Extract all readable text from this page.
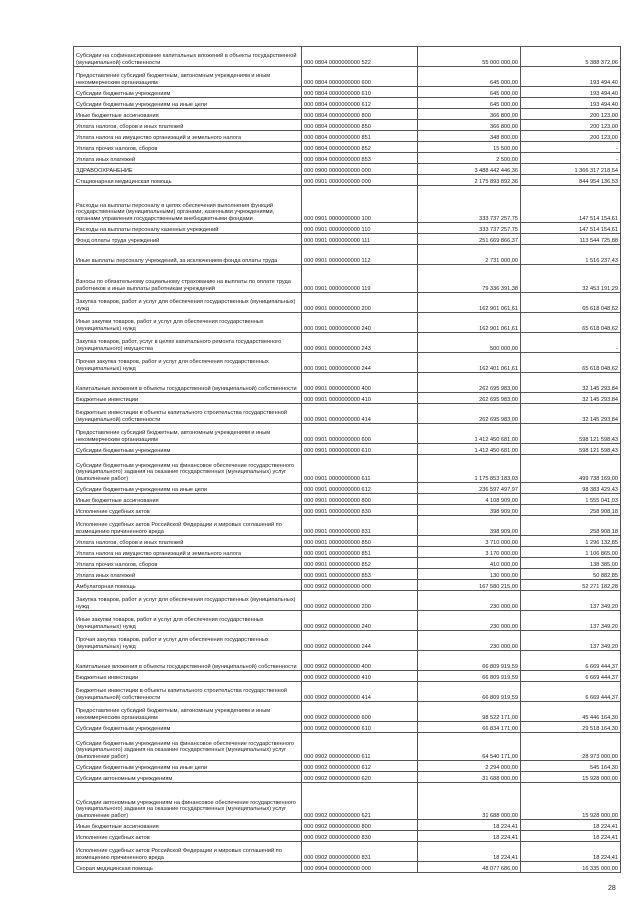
Субсидии на софинансирование капитальных вложений в объекты государственной (муниципальной) собственности	000 0804 0000000000 522	55 000 000,00	5 388 372,06
Предоставление субсидий бюджетным, автономным учреждениям и иным некоммерческим организациям	000 0804 0000000000 600	645 000,00	193 494,40
Субсидии бюджетным учреждениям	000 0804 0000000000 610	645 000,00	193 494,40
Субсидии бюджетным учреждениям на иные цели	000 0804 0000000000 612	645 000,00	193 494,40
Иные бюджетные ассигнования	000 0804 0000000000 800	366 800,00	200 123,00
Уплата налогов, сборов и иных платежей	000 0804 0000000000 850	366 800,00	200 123,00
Уплата налога на имущество организаций и земельного налога	000 0804 0000000000 851	348 800,00	200 123,00
Уплата прочих налогов, сборов	000 0804 0000000000 852	15 500,00	-
Уплата иных платежей	000 0804 0000000000 853	2 500,00	-
ЗДРАВООХРАНЕНИЕ	000 0900 0000000000 000	3 488 442 446,36	1 366 317 218,54
Стационарная медицинская помощь	000 0901 0000000000 000	2 175 893 892,36	844 954 136,53
Расходы на выплаты персоналу в целях обеспечения выполнения функций государственными (муниципальными) органами, казенными учреждениями, органами управления государственными внебюджетными фондами	000 0901 0000000000 100	333 737 257,75	147 514 154,61
Расходы на выплаты персоналу казенных учреждений	000 0901 0000000000 110	333 737 257,75	147 514 154,61
Фонд оплаты труда учреждений	000 0901 0000000000 111	251 669 866,37	113 544 725,88
Иные выплаты персоналу учреждений, за исключением фонда оплаты труда	000 0901 0000000000 112	2 731 000,00	1 516 237,43
Взносы по обязательному социальному страхованию на выплаты по оплате труда работников и иные выплаты работникам учреждений	000 0901 0000000000 119	79 336 391,38	32 453 191,29
Закупка товаров, работ и услуг для обеспечения государственных (муниципальных) нужд	000 0901 0000000000 200	162 901 061,61	65 618 048,62
Иные закупки товаров, работ и услуг для обеспечения государственных (муниципальных) нужд	000 0901 0000000000 240	162 901 061,61	65 618 048,62
Закупка товаров, работ, услуг в целях капитального ремонта государственного (муниципального) имущества	000 0901 0000000000 243	500 000,00	-
Прочая закупка товаров, работ и услуг для обеспечения государственных (муниципальных) нужд	000 0901 0000000000 244	162 401 061,61	65 618 048,62
Капитальные вложения в объекты государственной (муниципальной) собственности	000 0901 0000000000 400	262 695 983,00	32 145 293,84
Бюджетные инвестиции	000 0901 0000000000 410	262 695 983,00	32 145 293,84
Бюджетные инвестиции в объекты капитального строительства государственной (муниципальной) собственности	000 0901 0000000000 414	262 695 983,00	32 145 293,84
Предоставление субсидий бюджетным, автономным учреждениям и иным некоммерческим организациям	000 0901 0000000000 600	1 412 450 681,00	598 121 598,43
Субсидии бюджетным учреждениям	000 0901 0000000000 610	1 412 450 681,00	598 121 598,43
Субсидии бюджетным учреждениям на финансовое обеспечение государственного (муниципального) задания на оказание государственных (муниципальных) услуг (выполнение работ)	000 0901 0000000000 611	1 175 853 183,03	499 738 169,00
Субсидии бюджетным учреждениям на иные цели	000 0901 0000000000 612	236 597 497,97	98 383 429,43
Иные бюджетные ассигнования	000 0901 0000000000 800	4 108 909,00	1 555 041,03
Исполнение судебных актов	000 0901 0000000000 830	398 909,00	258 908,18
Исполнение судебных актов Российской Федерации и мировых соглашений по возмещению причиненного вреда	000 0901 0000000000 831	398 909,00	258 908,18
Уплата налогов, сборов и иных платежей	000 0901 0000000000 850	3 710 000,00	1 296 132,85
Уплата налога на имущество организаций и земельного налога	000 0901 0000000000 851	3 170 000,00	1 106 865,00
Уплата прочих налогов, сборов	000 0901 0000000000 852	410 000,00	138 385,00
Уплата иных платежей	000 0901 0000000000 853	130 000,00	50 882,85
Амбулаторная помощь	000 0902 0000000000 000	167 580 215,00	52 271 182,28
Закупка товаров, работ и услуг для обеспечения государственных (муниципальных) нужд	000 0902 0000000000 200	230 000,00	137 349,20
Иные закупки товаров, работ и услуг для обеспечения государственных (муниципальных) нужд	000 0902 0000000000 240	230 000,00	137 349,20
Прочая закупка товаров, работ и услуг для обеспечения государственных (муниципальных) нужд	000 0902 0000000000 244	230 000,00	137 349,20
Капитальные вложения в объекты государственной (муниципальной) собственности	000 0902 0000000000 400	66 809 919,59	6 669 444,37
Бюджетные инвестиции	000 0902 0000000000 410	66 809 919,59	6 669 444,37
Бюджетные инвестиции в объекты капитального строительства государственной (муниципальной) собственности	000 0902 0000000000 414	66 809 919,59	6 669 444,37
Предоставление субсидий бюджетным, автономным учреждениям и иным некоммерческим организациям	000 0902 0000000000 600	98 522 171,00	45 446 164,30
Субсидии бюджетным учреждениям	000 0902 0000000000 610	66 834 171,00	29 518 164,30
Субсидии бюджетным учреждениям на финансовое обеспечение государственного (муниципального) задания на оказание государственных (муниципальных) услуг (выполнение работ)	000 0902 0000000000 611	64 540 171,00	28 973 000,00
Субсидии бюджетным учреждениям на иные цели	000 0902 0000000000 612	2 294 000,00	545 164,30
Субсидии автономным учреждениям	000 0902 0000000000 620	31 688 000,00	15 928 000,00
Субсидии автономным учреждениям на финансовое обеспечение государственного (муниципального) задания на оказание государственных (муниципальных) услуг (выполнение работ)	000 0902 0000000000 621	31 688 000,00	15 928 000,00
Иные бюджетные ассигнования	000 0902 0000000000 800	18 224,41	18 224,41
Исполнение судебных актов	000 0902 0000000000 830	18 224,41	18 224,41
Исполнение судебных актов Российской Федерации и мировых соглашений по возмещению причиненного вреда	000 0902 0000000000 831	18 224,41	18 224,41
Скорая медицинская помощь	000 0904 0000000000 000	48 077 686,00	16 335 000,00
28
